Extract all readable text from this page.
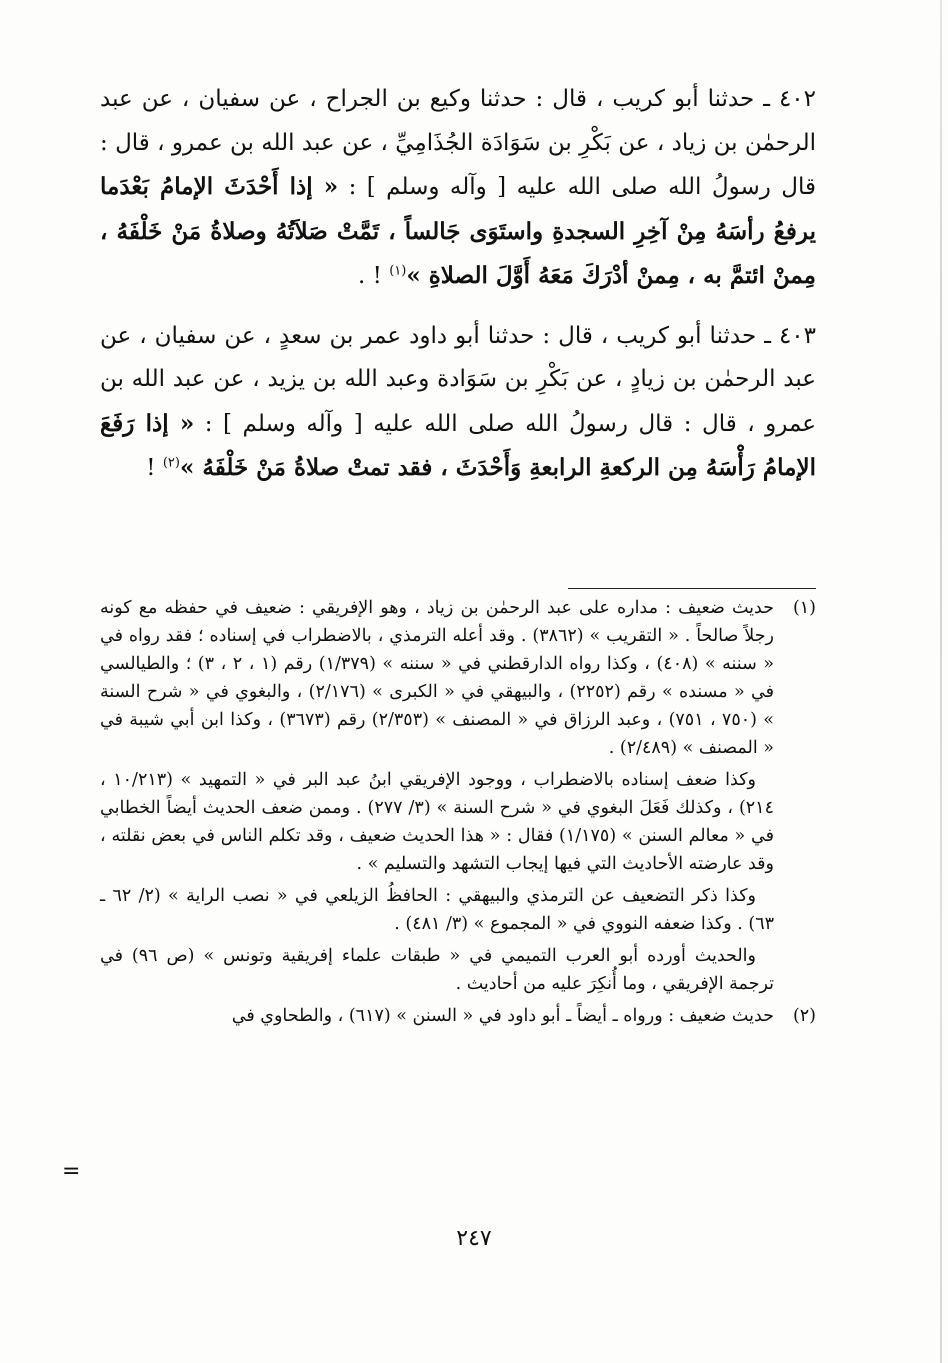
٤٠٢ ـ حدثنا أبو كريب ، قال : حدثنا وكيع بن الجراح ، عن سفيان ، عن عبد الرحمٰن بن زياد ، عن بَكْرِ بن سَوَادَة الجُذَامِيِّ ، عن عبد الله بن عمرو ، قال : قال رسولُ الله صلى الله عليه [ وآله وسلم ] : « إذا أَحْدَثَ الإمامُ بَعْدَما يرفعُ رأسَهُ مِنْ آخِرِ السجدةِ واستَوَى جَالساً ، تَمَّتْ صَلاَتُهُ وصلاةُ مَنْ خَلْفَهُ ، مِمنْ ائتمَّ به ، مِمنْ أدْرَكَ مَعَهُ أَوَّلَ الصلاةِ »$^{(١)}$ ! .

٤٠٣ ـ حدثنا أبو كريب ، قال : حدثنا أبو داود عمر بن سعدٍ ، عن سفيان ، عن عبد الرحمٰن بن زيادٍ ، عن بَكْرِ بن سَوَادة وعبد الله بن يزيد ، عن عبد الله بن عمرو ، قال : قال رسولُ الله صلى الله عليه [ وآله وسلم ] : « إذا رَفَعَ الإمامُ رَأْسَهُ مِن الركعةِ الرابعةِ وَأَحْدَثَ ، فقد تمتْ صلاةُ مَنْ خَلْفَهُ »$^{(٢)}$ !

(١)

حديث ضعيف : مداره على عبد الرحمٰن بن زياد ، وهو الإفريقي : ضعيف في حفظه مع كونه رجلاً صالحاً . « التقريب » (٣٨٦٢) . وقد أعله الترمذي ، بالاضطراب في إسناده ؛ فقد رواه في « سننه » (٤٠٨) ، وكذا رواه الدارقطني في « سننه » (١/٣٧٩) رقم (١ ، ٢ ، ٣) ؛ والطيالسي في « مسنده » رقم (٢٢٥٢) ، والبيهقي في « الكبرى » (٢/١٧٦) ، والبغوي في « شرح السنة » (٧٥٠ ، ٧٥١) ، وعبد الرزاق في « المصنف » (٢/٣٥٣) رقم (٣٦٧٣) ، وكذا ابن أبي شيبة في « المصنف » (٢/٤٨٩) .

وكذا ضعف إسناده بالاضطراب ، ووجود الإفريقي ابنُ عبد البر في « التمهيد » (١٠/٢١٣ ، ٢١٤) ، وكذلك فَعَلَ البغوي في « شرح السنة » (٣/ ٢٧٧) . وممن ضعف الحديث أيضاً الخطابي في « معالم السنن » (١/١٧٥) فقال : « هذا الحديث ضعيف ، وقد تكلم الناس في بعض نقلته ، وقد عارضته الأحاديث التي فيها إيجاب التشهد والتسليم » .

وكذا ذكر التضعيف عن الترمذي والبيهقي : الحافظُ الزيلعي في « نصب الراية » (٢/ ٦٢ ـ ٦٣) . وكذا ضعفه النووي في « المجموع » (٣/ ٤٨١) .

والحديث أورده أبو العرب التميمي في « طبقات علماء إفريقية وتونس » (ص ٩٦) في ترجمة الإفريقي ، وما أُنكِرَ عليه من أحاديث .

(٢)

حديث ضعيف : ورواه ـ أيضاً ـ أبو داود في « السنن » (٦١٧) ، والطحاوي في

=
٢٤٧
